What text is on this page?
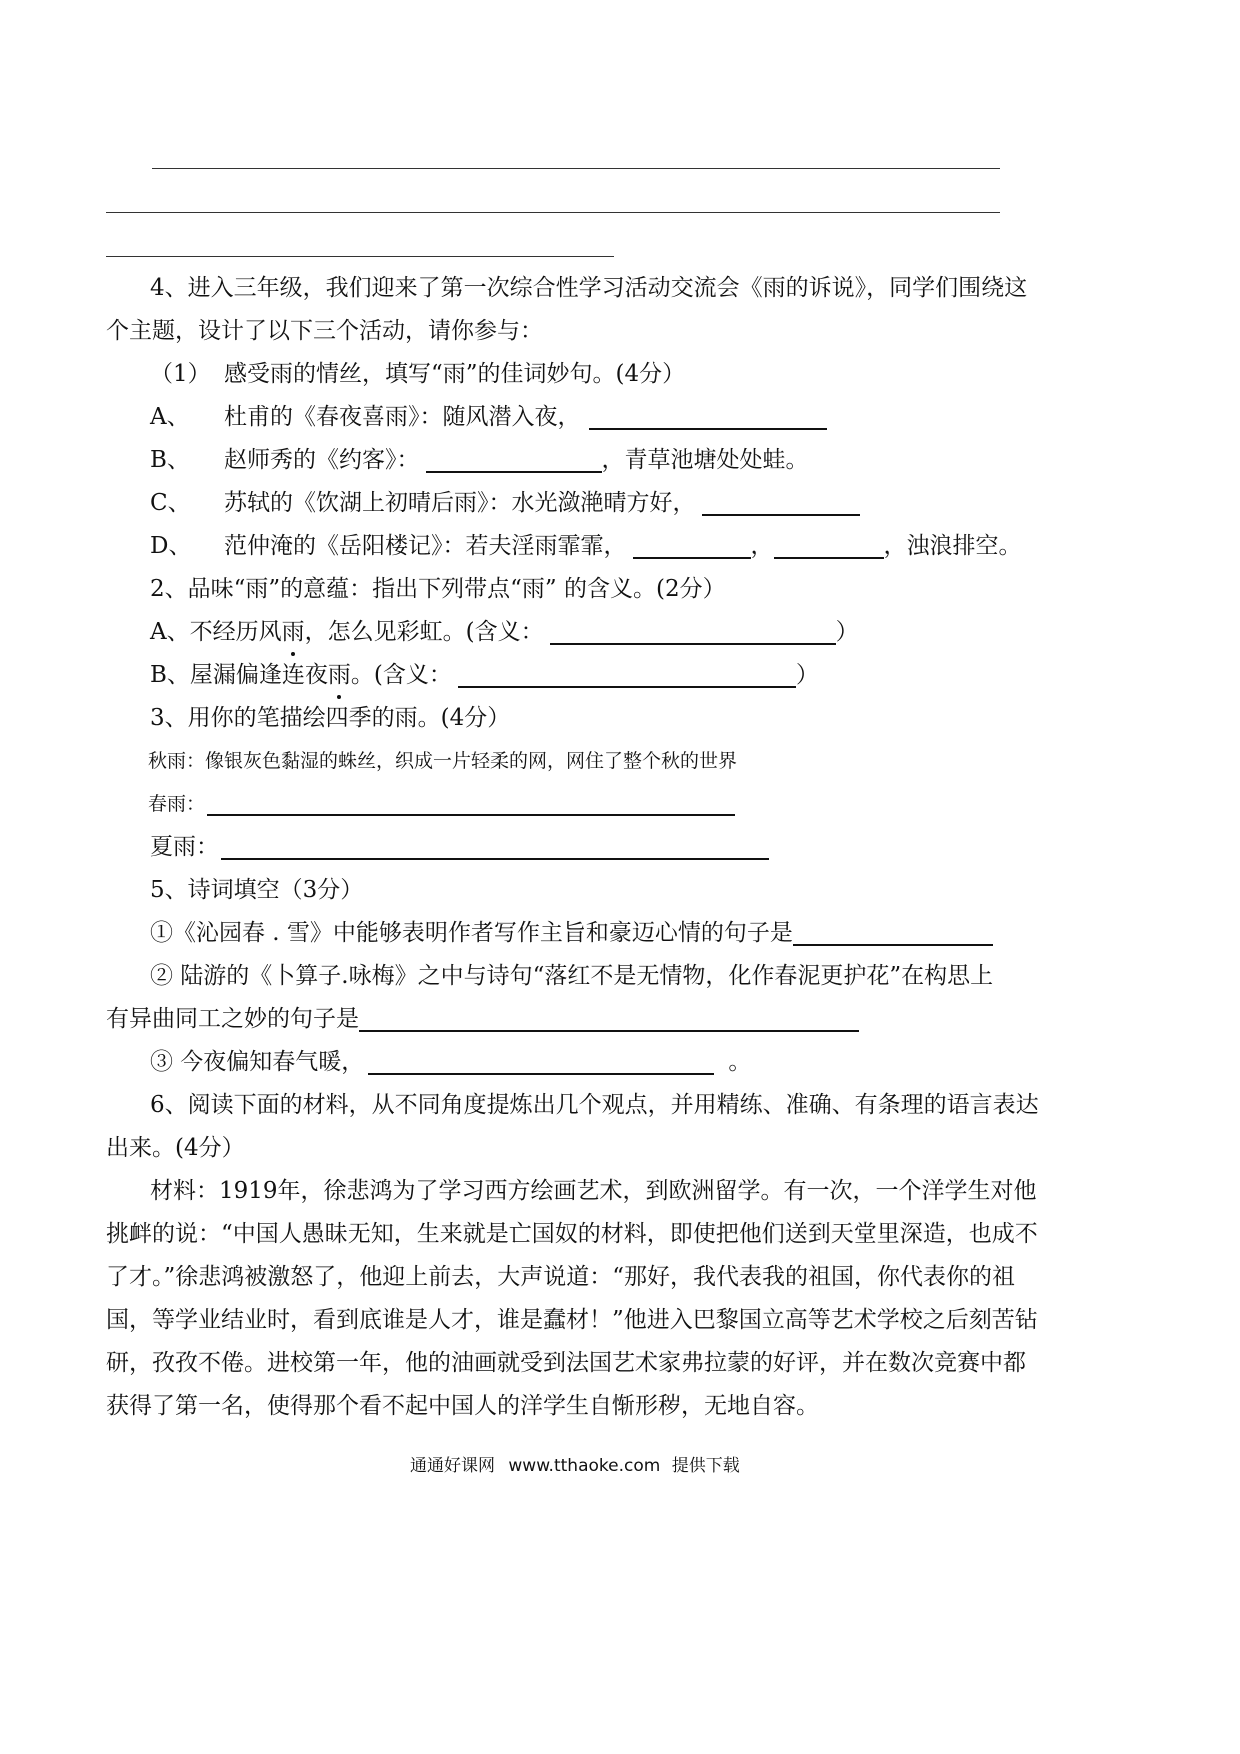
4、进入三年级，我们迎来了第一次综合性学习活动交流会《雨的诉说》，同学们围绕这
个主题，设计了以下三个活动，请你参与：
（1） 感受雨的情丝，填写“雨”的佳词妙句。(4分）
A、 杜甫的《春夜喜雨》：随风潜入夜，
B、 赵师秀的《约客》：	，青草池塘处处蛙。
C、 苏轼的《饮湖上初晴后雨》：水光潋滟晴方好，
D、 范仲淹的《岳阳楼记》：若夫淫雨霏霏，	，	，浊浪排空。
2、品味“雨”的意蕴：指出下列带点“雨” 的含义。(2分）
A、不经历风雨
，怎么见彩虹。(含义：	）
B、屋漏偏逢连夜雨
。(含义：	）
3、用你的笔描绘四季的雨。(4分）
秋雨：像银灰色黏湿的蛛丝，织成一片轻柔的网，网住了整个秋的世界
春雨：
夏雨：
5、诗词填空（3分）
①《沁园春 . 雪》中能够表明作者写作主旨和豪迈心情的句子是
② 陆游的《卜算子.咏梅》之中与诗句“落红不是无情物，化作春泥更护花”在构思上
有异曲同工之妙的句子是
③ 今夜偏知春气暖，	。
6、阅读下面的材料，从不同角度提炼出几个观点，并用精练、准确、有条理的语言表达
出来。(4分）
材料：1919年，徐悲鸿为了学习西方绘画艺术，到欧洲留学。有一次，一个洋学生对他
挑衅的说：“中国人愚昧无知，生来就是亡国奴的材料，即使把他们送到天堂里深造，也成不
了才。”徐悲鸿被激怒了，他迎上前去，大声说道：“那好，我代表我的祖国，你代表你的祖
国，等学业结业时，看到底谁是人才，谁是蠢材！”他进入巴黎国立高等艺术学校之后刻苦钻
研，孜孜不倦。进校第一年，他的油画就受到法国艺术家弗拉蒙的好评，并在数次竞赛中都
获得了第一名，使得那个看不起中国人的洋学生自惭形秽，无地自容。
通通好课网 www.tthaoke.com 提供下载
